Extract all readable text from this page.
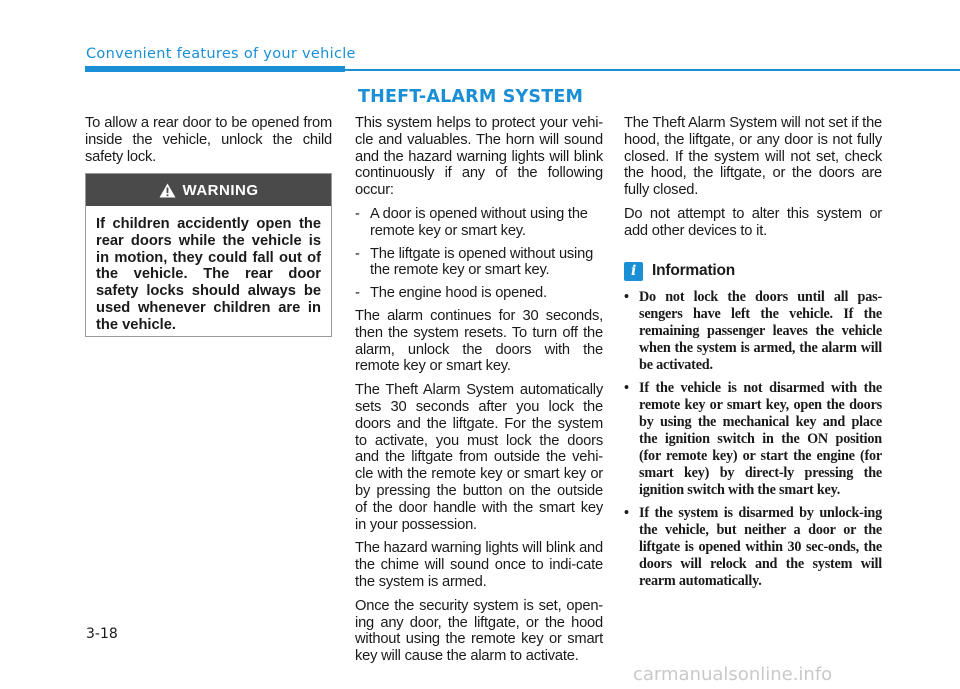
Convenient features of your vehicle
THEFT-ALARM SYSTEM

To allow a rear door to be opened from inside the vehicle, unlock the child safety lock.

WARNING
If children accidently open the rear doors while the vehicle is in motion, they could fall out of the vehicle. The rear door safety locks should always be used whenever children are in the vehicle.

This system helps to protect your vehi-cle and valuables. The horn will sound and the hazard warning lights will blink continuously if any of the following occur:

- A door is opened without using the remote key or smart key.
- The liftgate is opened without using the remote key or smart key.
- The engine hood is opened.

The alarm continues for 30 seconds, then the system resets. To turn off the alarm, unlock the doors with the remote key or smart key.

The Theft Alarm System automatically sets 30 seconds after you lock the doors and the liftgate. For the system to activate, you must lock the doors and the liftgate from outside the vehi-cle with the remote key or smart key or by pressing the button on the outside of the door handle with the smart key in your possession.

The hazard warning lights will blink and the chime will sound once to indi-cate the system is armed.

Once the security system is set, open-ing any door, the liftgate, or the hood without using the remote key or smart key will cause the alarm to activate.

The Theft Alarm System will not set if the hood, the liftgate, or any door is not fully closed. If the system will not set, check the hood, the liftgate, or the doors are fully closed.

Do not attempt to alter this system or add other devices to it.

i	Information
• Do not lock the doors until all pas-sengers have left the vehicle. If the remaining passenger leaves the vehicle when the system is armed, the alarm will be activated.
• If the vehicle is not disarmed with the remote key or smart key, open the doors by using the mechanical key and place the ignition switch in the ON position (for remote key) or start the engine (for smart key) by direct-ly pressing the ignition switch with the smart key.
• If the system is disarmed by unlock-ing the vehicle, but neither a door or the liftgate is opened within 30 sec-onds, the doors will relock and the system will rearm automatically.
3-18
carmanualsonline.info
